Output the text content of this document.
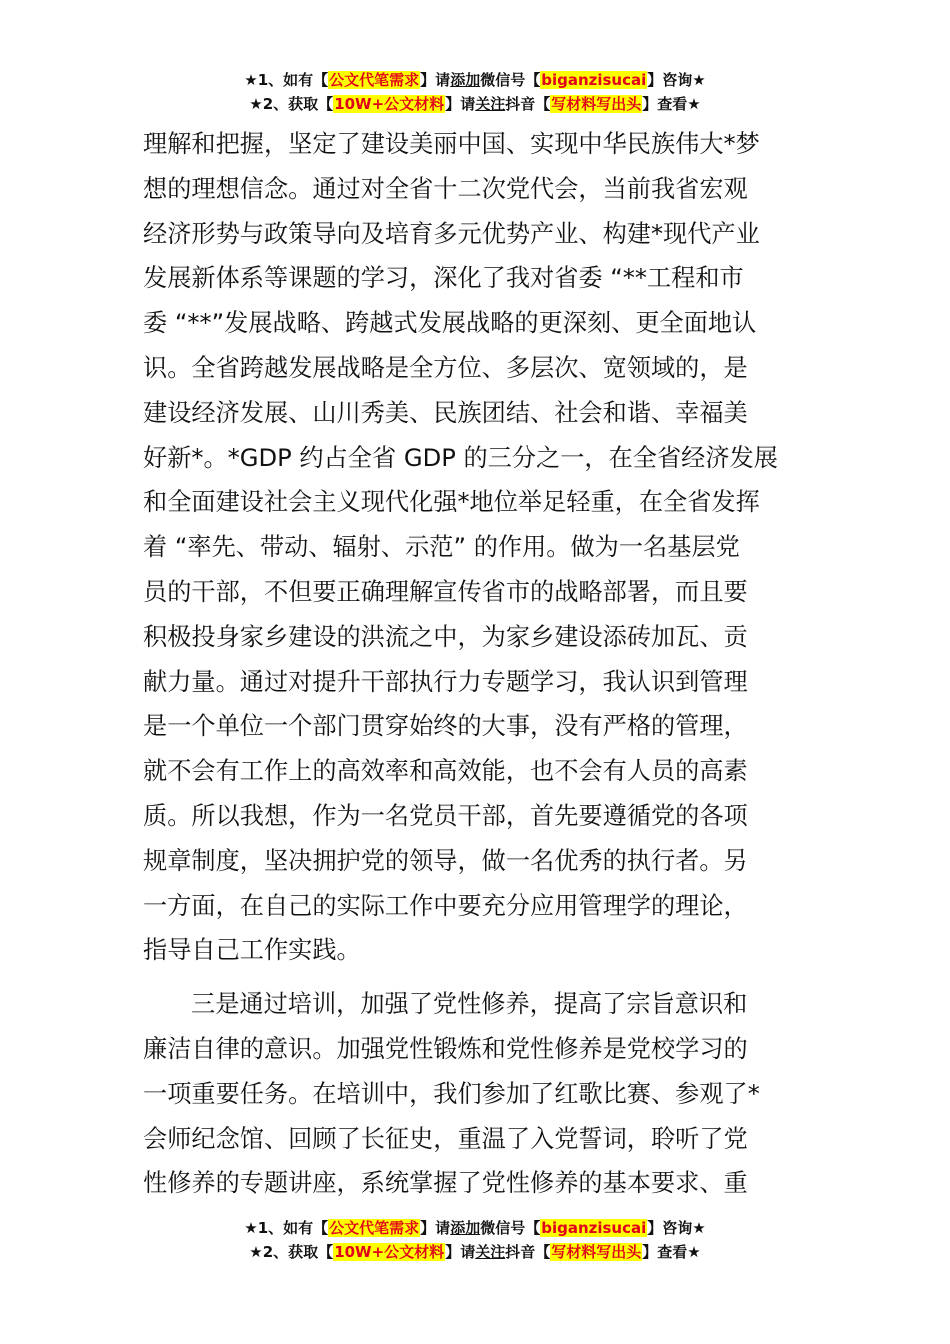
★1、如有【公文代笔需求】请添加微信号【biganzisucai】咨询★
★2、获取【10W+公文材料】请关注抖音【写材料写出头】查看★
理解和把握，坚定了建设美丽中国、实现中华民族伟大*梦
想的理想信念。通过对全省十二次党代会，当前我省宏观
经济形势与政策导向及培育多元优势产业、构建*现代产业
发展新体系等课题的学习，深化了我对省委 “**工程和市
委 “**”发展战略、跨越式发展战略的更深刻、更全面地认
识。全省跨越发展战略是全方位、多层次、宽领域的，是
建设经济发展、山川秀美、民族团结、社会和谐、幸福美
好新*。*GDP 约占全省 GDP 的三分之一，在全省经济发展
和全面建设社会主义现代化强*地位举足轻重，在全省发挥
着 “率先、带动、辐射、示范” 的作用。做为一名基层党
员的干部，不但要正确理解宣传省市的战略部署，而且要
积极投身家乡建设的洪流之中，为家乡建设添砖加瓦、贡
献力量。通过对提升干部执行力专题学习，我认识到管理
是一个单位一个部门贯穿始终的大事，没有严格的管理，
就不会有工作上的高效率和高效能，也不会有人员的高素
质。所以我想，作为一名党员干部，首先要遵循党的各项
规章制度，坚决拥护党的领导，做一名优秀的执行者。另
一方面，在自己的实际工作中要充分应用管理学的理论，
指导自己工作实践。
三是通过培训，加强了党性修养，提高了宗旨意识和
廉洁自律的意识。加强党性锻炼和党性修养是党校学习的
一项重要任务。在培训中，我们参加了红歌比赛、参观了*
会师纪念馆、回顾了长征史，重温了入党誓词，聆听了党
性修养的专题讲座，系统掌握了党性修养的基本要求、重
★1、如有【公文代笔需求】请添加微信号【biganzisucai】咨询★
★2、获取【10W+公文材料】请关注抖音【写材料写出头】查看★
